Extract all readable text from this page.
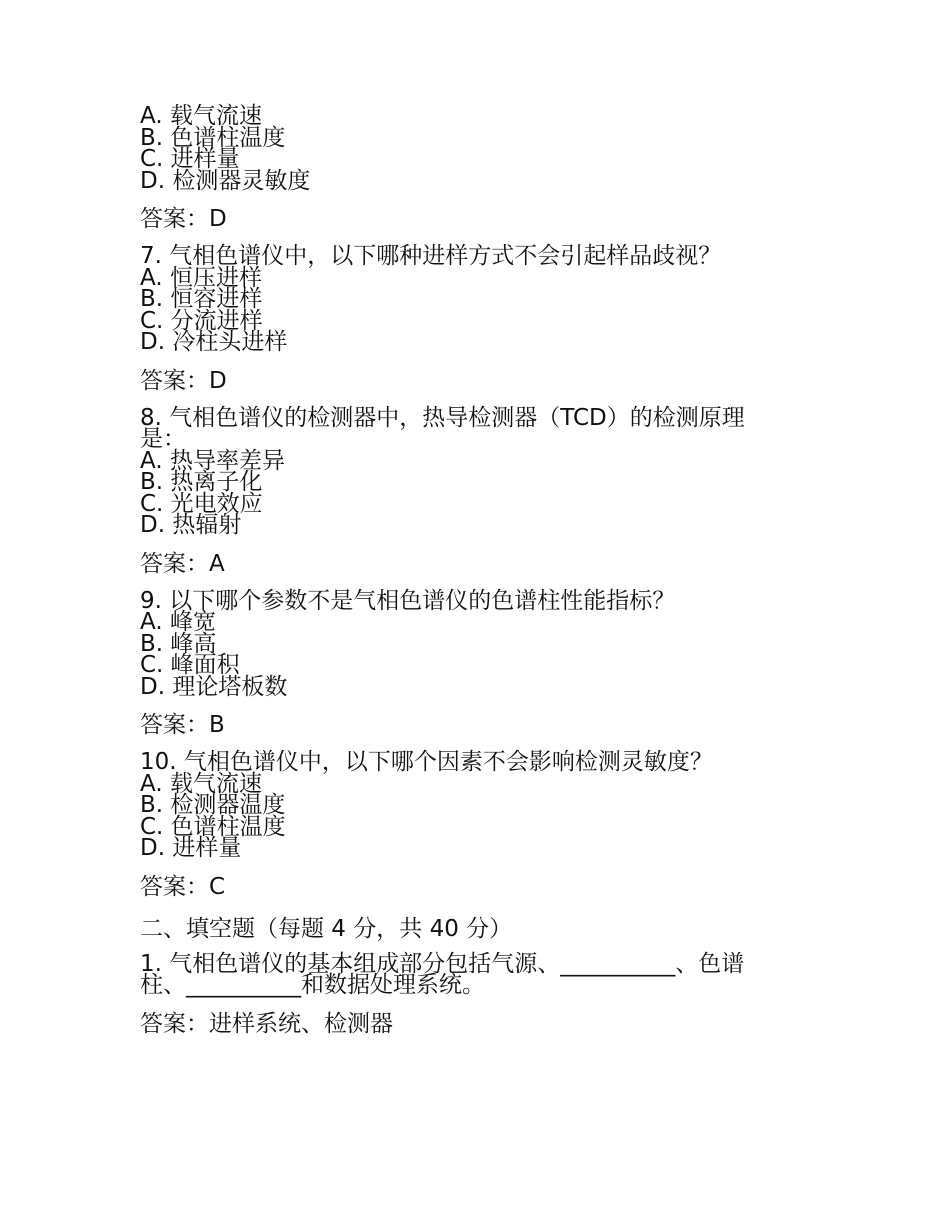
A. 载气流速
B. 色谱柱温度
C. 进样量
D. 检测器灵敏度
答案：D
7. 气相色谱仪中，以下哪种进样方式不会引起样品歧视？
A. 恒压进样
B. 恒容进样
C. 分流进样
D. 冷柱头进样
答案：D
8. 气相色谱仪的检测器中，热导检测器（TCD）的检测原理
是：
A. 热导率差异
B. 热离子化
C. 光电效应
D. 热辐射
答案：A
9. 以下哪个参数不是气相色谱仪的色谱柱性能指标？
A. 峰宽
B. 峰高
C. 峰面积
D. 理论塔板数
答案：B
10. 气相色谱仪中，以下哪个因素不会影响检测灵敏度？
A. 载气流速
B. 检测器温度
C. 色谱柱温度
D. 进样量
答案：C
二、填空题（每题 4 分，共 40 分）
1. 气相色谱仪的基本组成部分包括气源、__________、色谱
柱、__________和数据处理系统。
答案：进样系统、检测器
